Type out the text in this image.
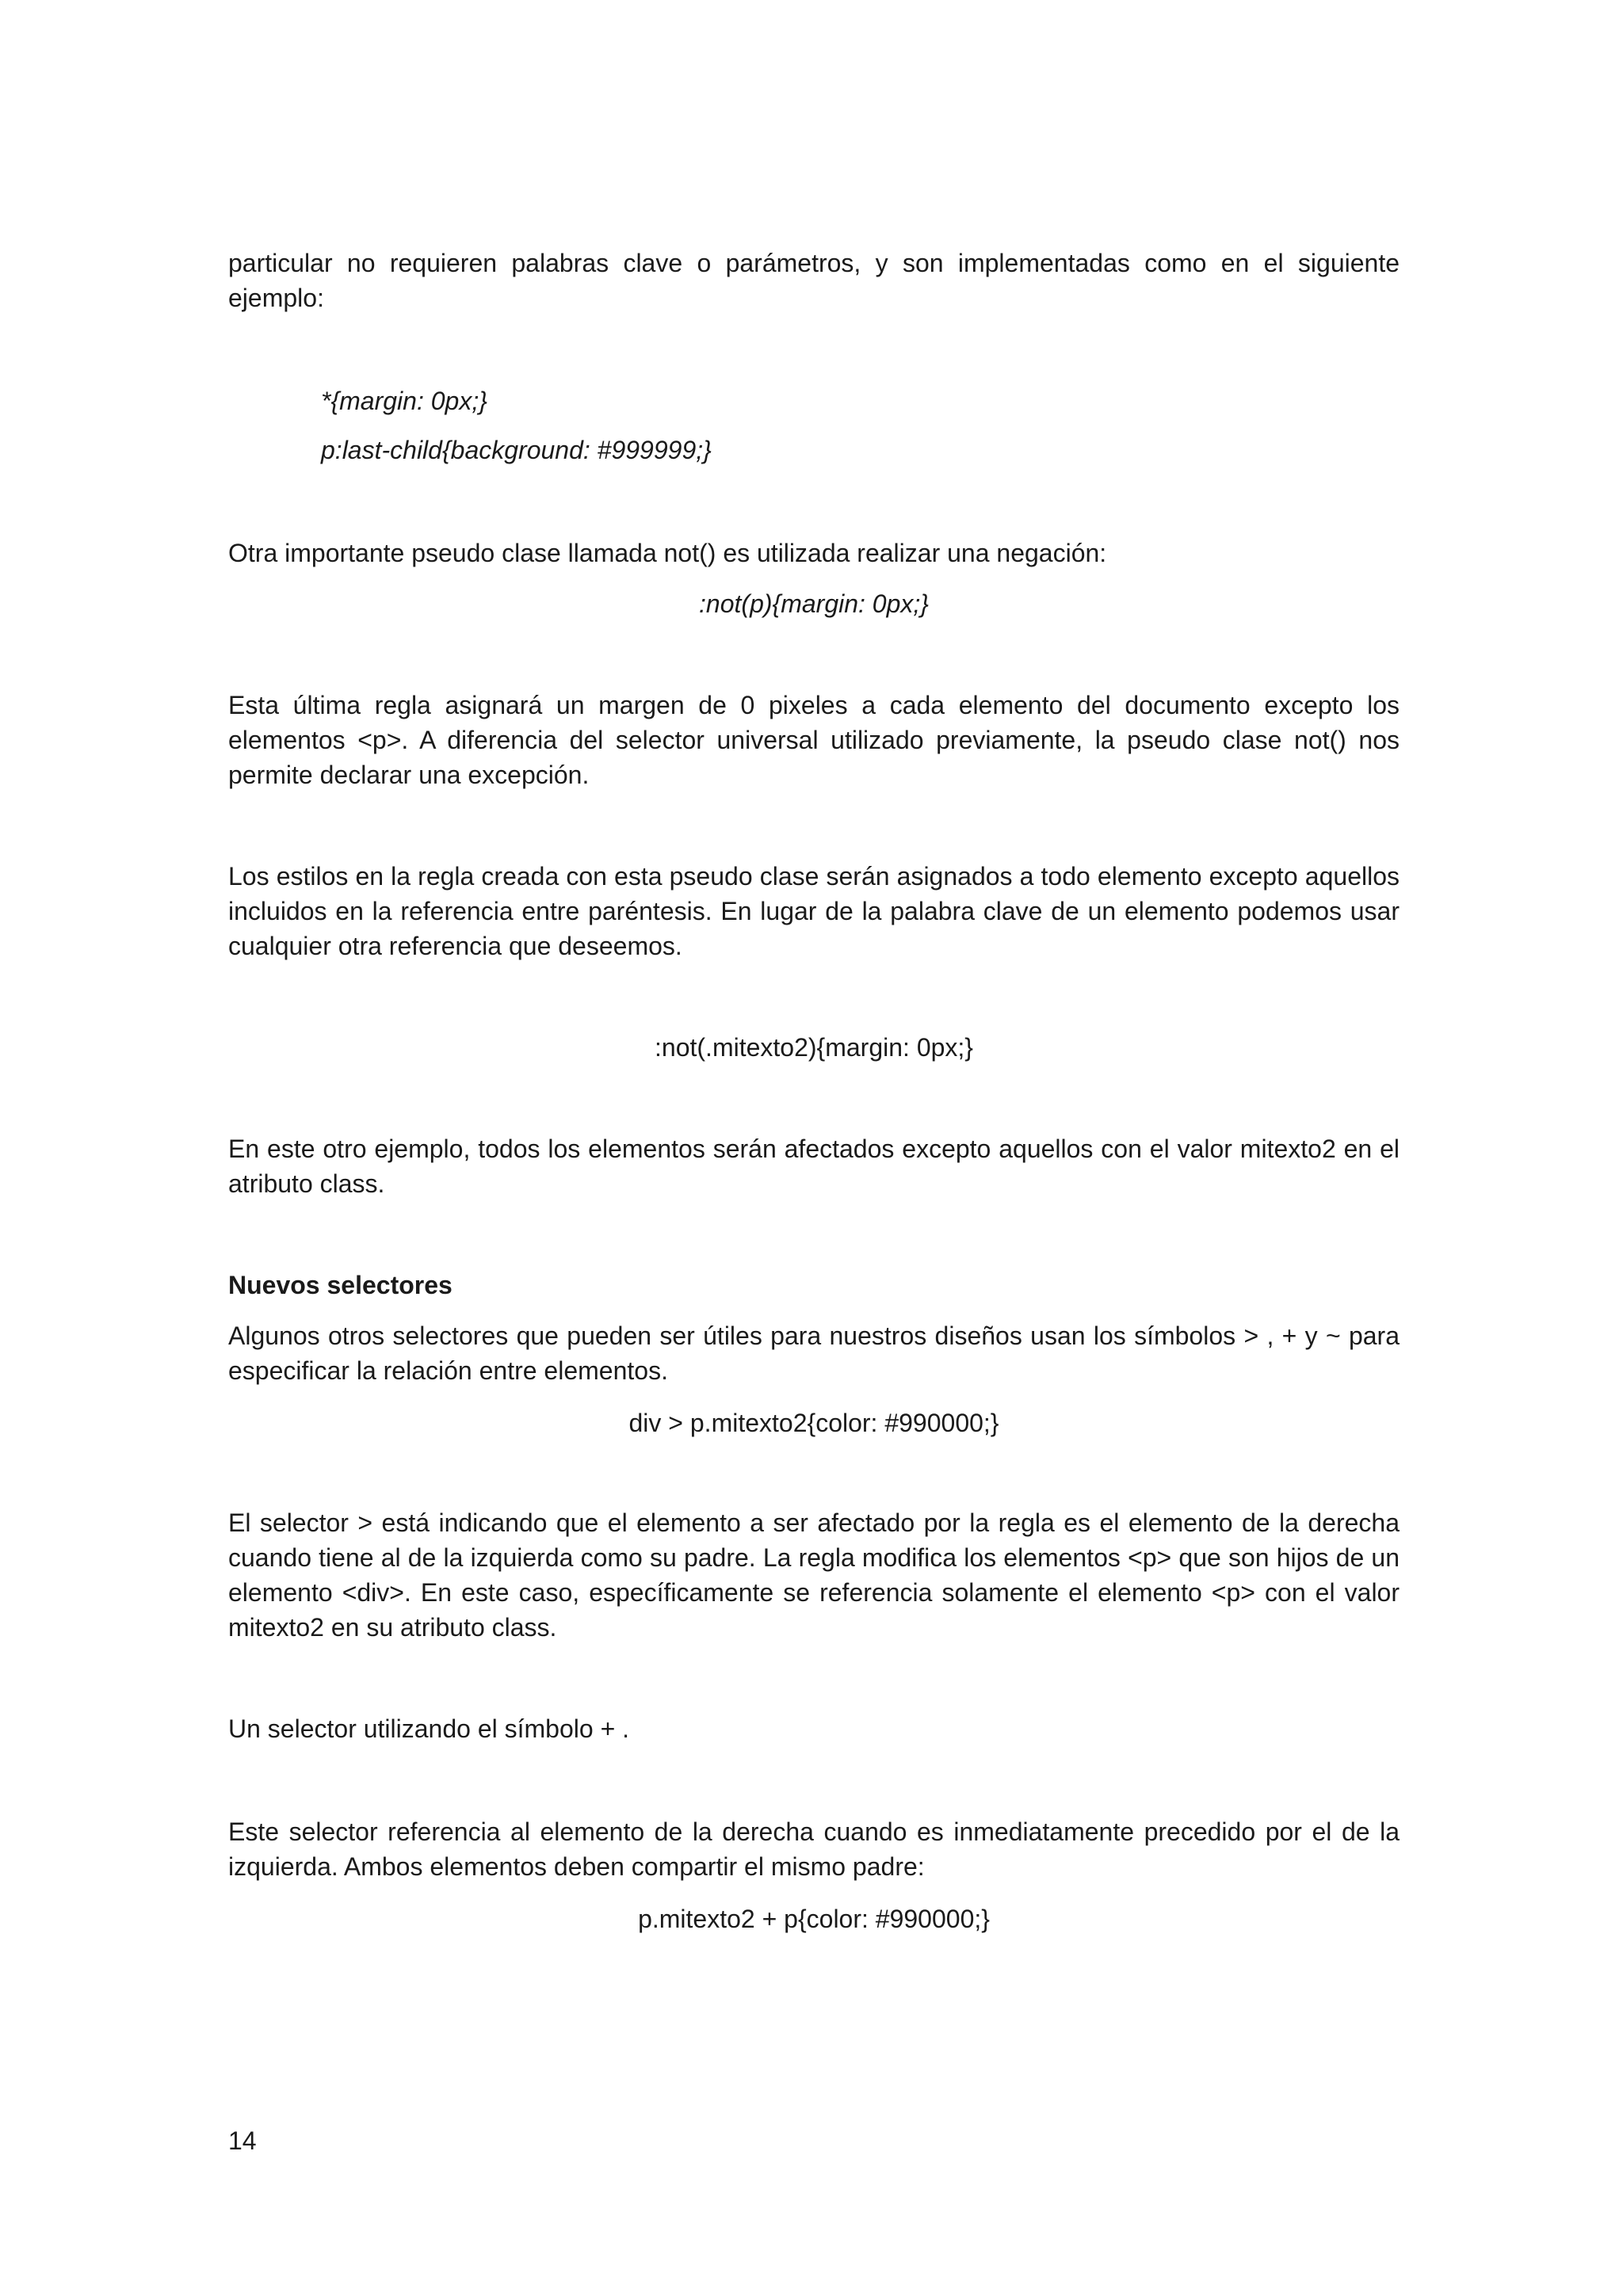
particular no requieren palabras clave o parámetros, y son implementadas como en el siguiente ejemplo:

*{margin: 0px;}

p:last-child{background: #999999;}

Otra importante pseudo clase llamada not() es utilizada realizar una negación:

:not(p){margin: 0px;}

Esta última regla asignará un margen de 0 pixeles a cada elemento del documento excepto los elementos <p>. A diferencia del selector universal utilizado previamente, la pseudo clase not() nos permite declarar una excepción.

Los estilos en la regla creada con esta pseudo clase serán asignados a todo elemento excepto aquellos incluidos en la referencia entre paréntesis. En lugar de la palabra clave de un elemento podemos usar cualquier otra referencia que deseemos.

:not(.mitexto2){margin: 0px;}

En este otro ejemplo, todos los elementos serán afectados excepto aquellos con el valor mitexto2 en el atributo class.

Nuevos selectores

Algunos otros selectores que pueden ser útiles para nuestros diseños usan los símbolos > , + y ~ para especificar la relación entre elementos.

div > p.mitexto2{color: #990000;}

El selector > está indicando que el elemento a ser afectado por la regla es el elemento de la derecha cuando tiene al de la izquierda como su padre. La regla modifica los elementos <p> que son hijos de un elemento <div>. En este caso, específicamente se referencia solamente el elemento <p> con el valor mitexto2 en su atributo class.

Un selector utilizando el símbolo + .

Este selector referencia al elemento de la derecha cuando es inmediatamente precedido por el de la izquierda. Ambos elementos deben compartir el mismo padre:

p.mitexto2 + p{color: #990000;}

14
